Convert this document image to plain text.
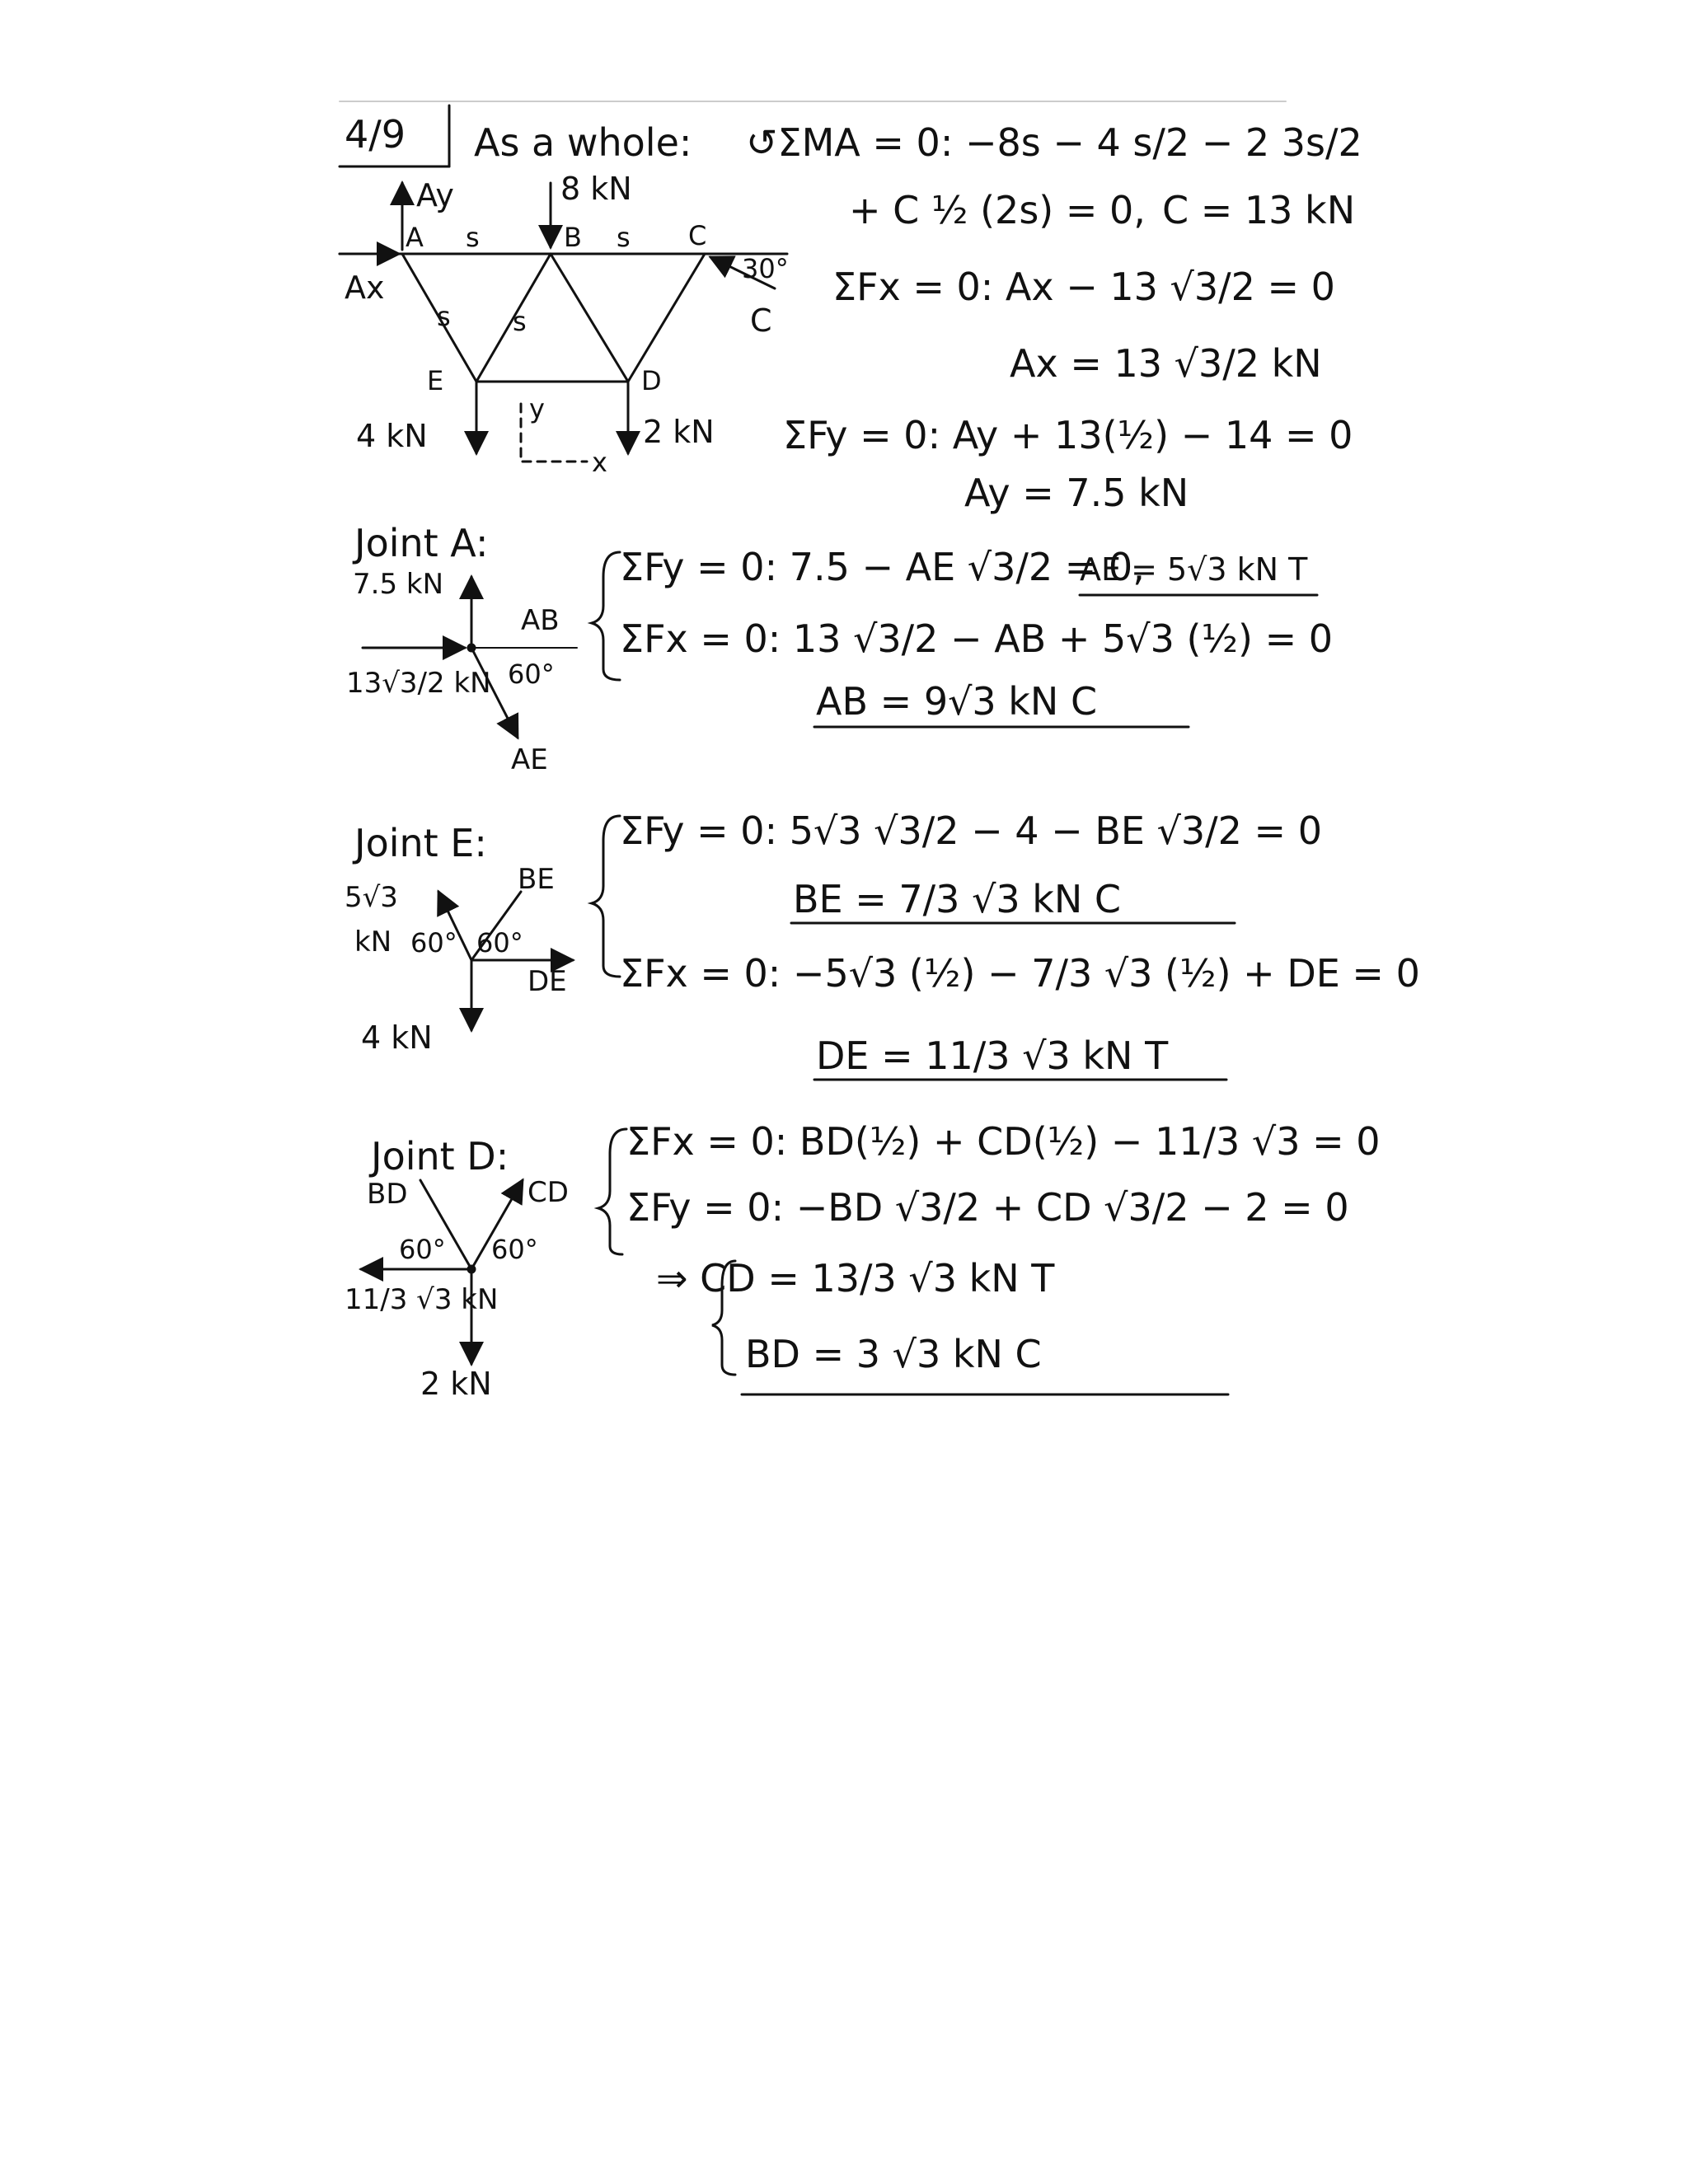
4/9 As a whole: ↺ΣMA = 0: −8s − 4 s/2 − 2 3s/2
+ C ½ (2s) = 0, C = 13 kN
ΣFx = 0: Ax − 13 √3/2 = 0
Ax = 13 √3/2 kN
ΣFy = 0: Ay + 13(½) − 14 = 0
Ay = 7.5 kN
Ay
Ax
A	B	C
D
E
s	s
s s
8 kN
4 kN	2 kN
30°
C
y
x
Joint A:
7.5 kN
AB
60°
13√3/2 kN
AE
ΣFy = 0: 7.5 − AE √3/2 = 0,
AE = 5√3 kN T
ΣFx = 0: 13 √3/2 − AB + 5√3 (½) = 0
AB = 9√3 kN C
Joint E:
BE
5√3
kN 60° 60°
DE
4 kN
ΣFy = 0: 5√3 √3/2 − 4 − BE √3/2 = 0
BE = 7/3 √3 kN C
ΣFx = 0: −5√3 (½) − 7/3 √3 (½) + DE = 0
DE = 11/3 √3 kN T
Joint D:
BD	CD
60° 60°
11/3 √3 kN
2 kN
ΣFx = 0: BD(½) + CD(½) − 11/3 √3 = 0
ΣFy = 0: −BD √3/2 + CD √3/2 − 2 = 0
⇒ CD = 13/3 √3 kN T
BD = 3 √3 kN C
